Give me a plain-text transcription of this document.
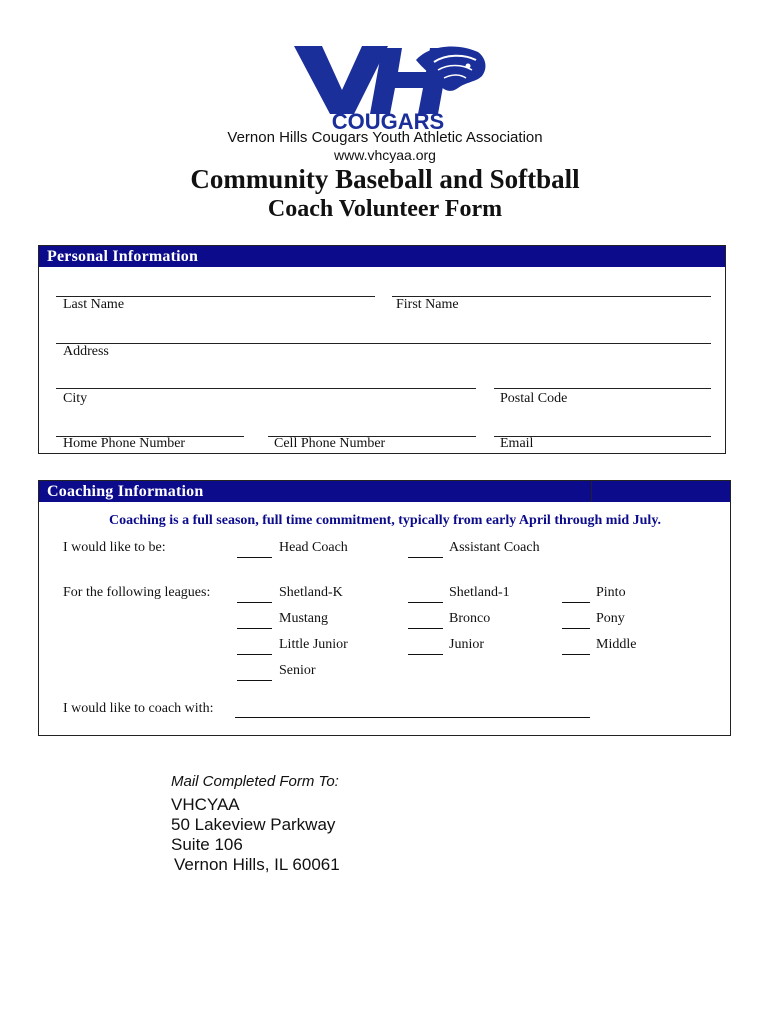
COUGARS
Vernon Hills Cougars Youth Athletic Association
www.vhcyaa.org
Community Baseball and Softball
Coach Volunteer Form
Personal Information
Last Name	First Name
Address
City	Postal Code
Home Phone Number	Cell Phone Number	Email
Coaching Information
Coaching is a full season, full time commitment, typically from early April through mid July.
I would like to be:	Head Coach	Assistant Coach
For the following leagues:	Shetland-K	Shetland-1	Pinto
Mustang	Bronco	Pony
Little Junior	Junior	Middle
Senior
I would like to coach with:
Mail Completed Form To:
VHCYAA
50 Lakeview Parkway
Suite 106
Vernon Hills, IL 60061
